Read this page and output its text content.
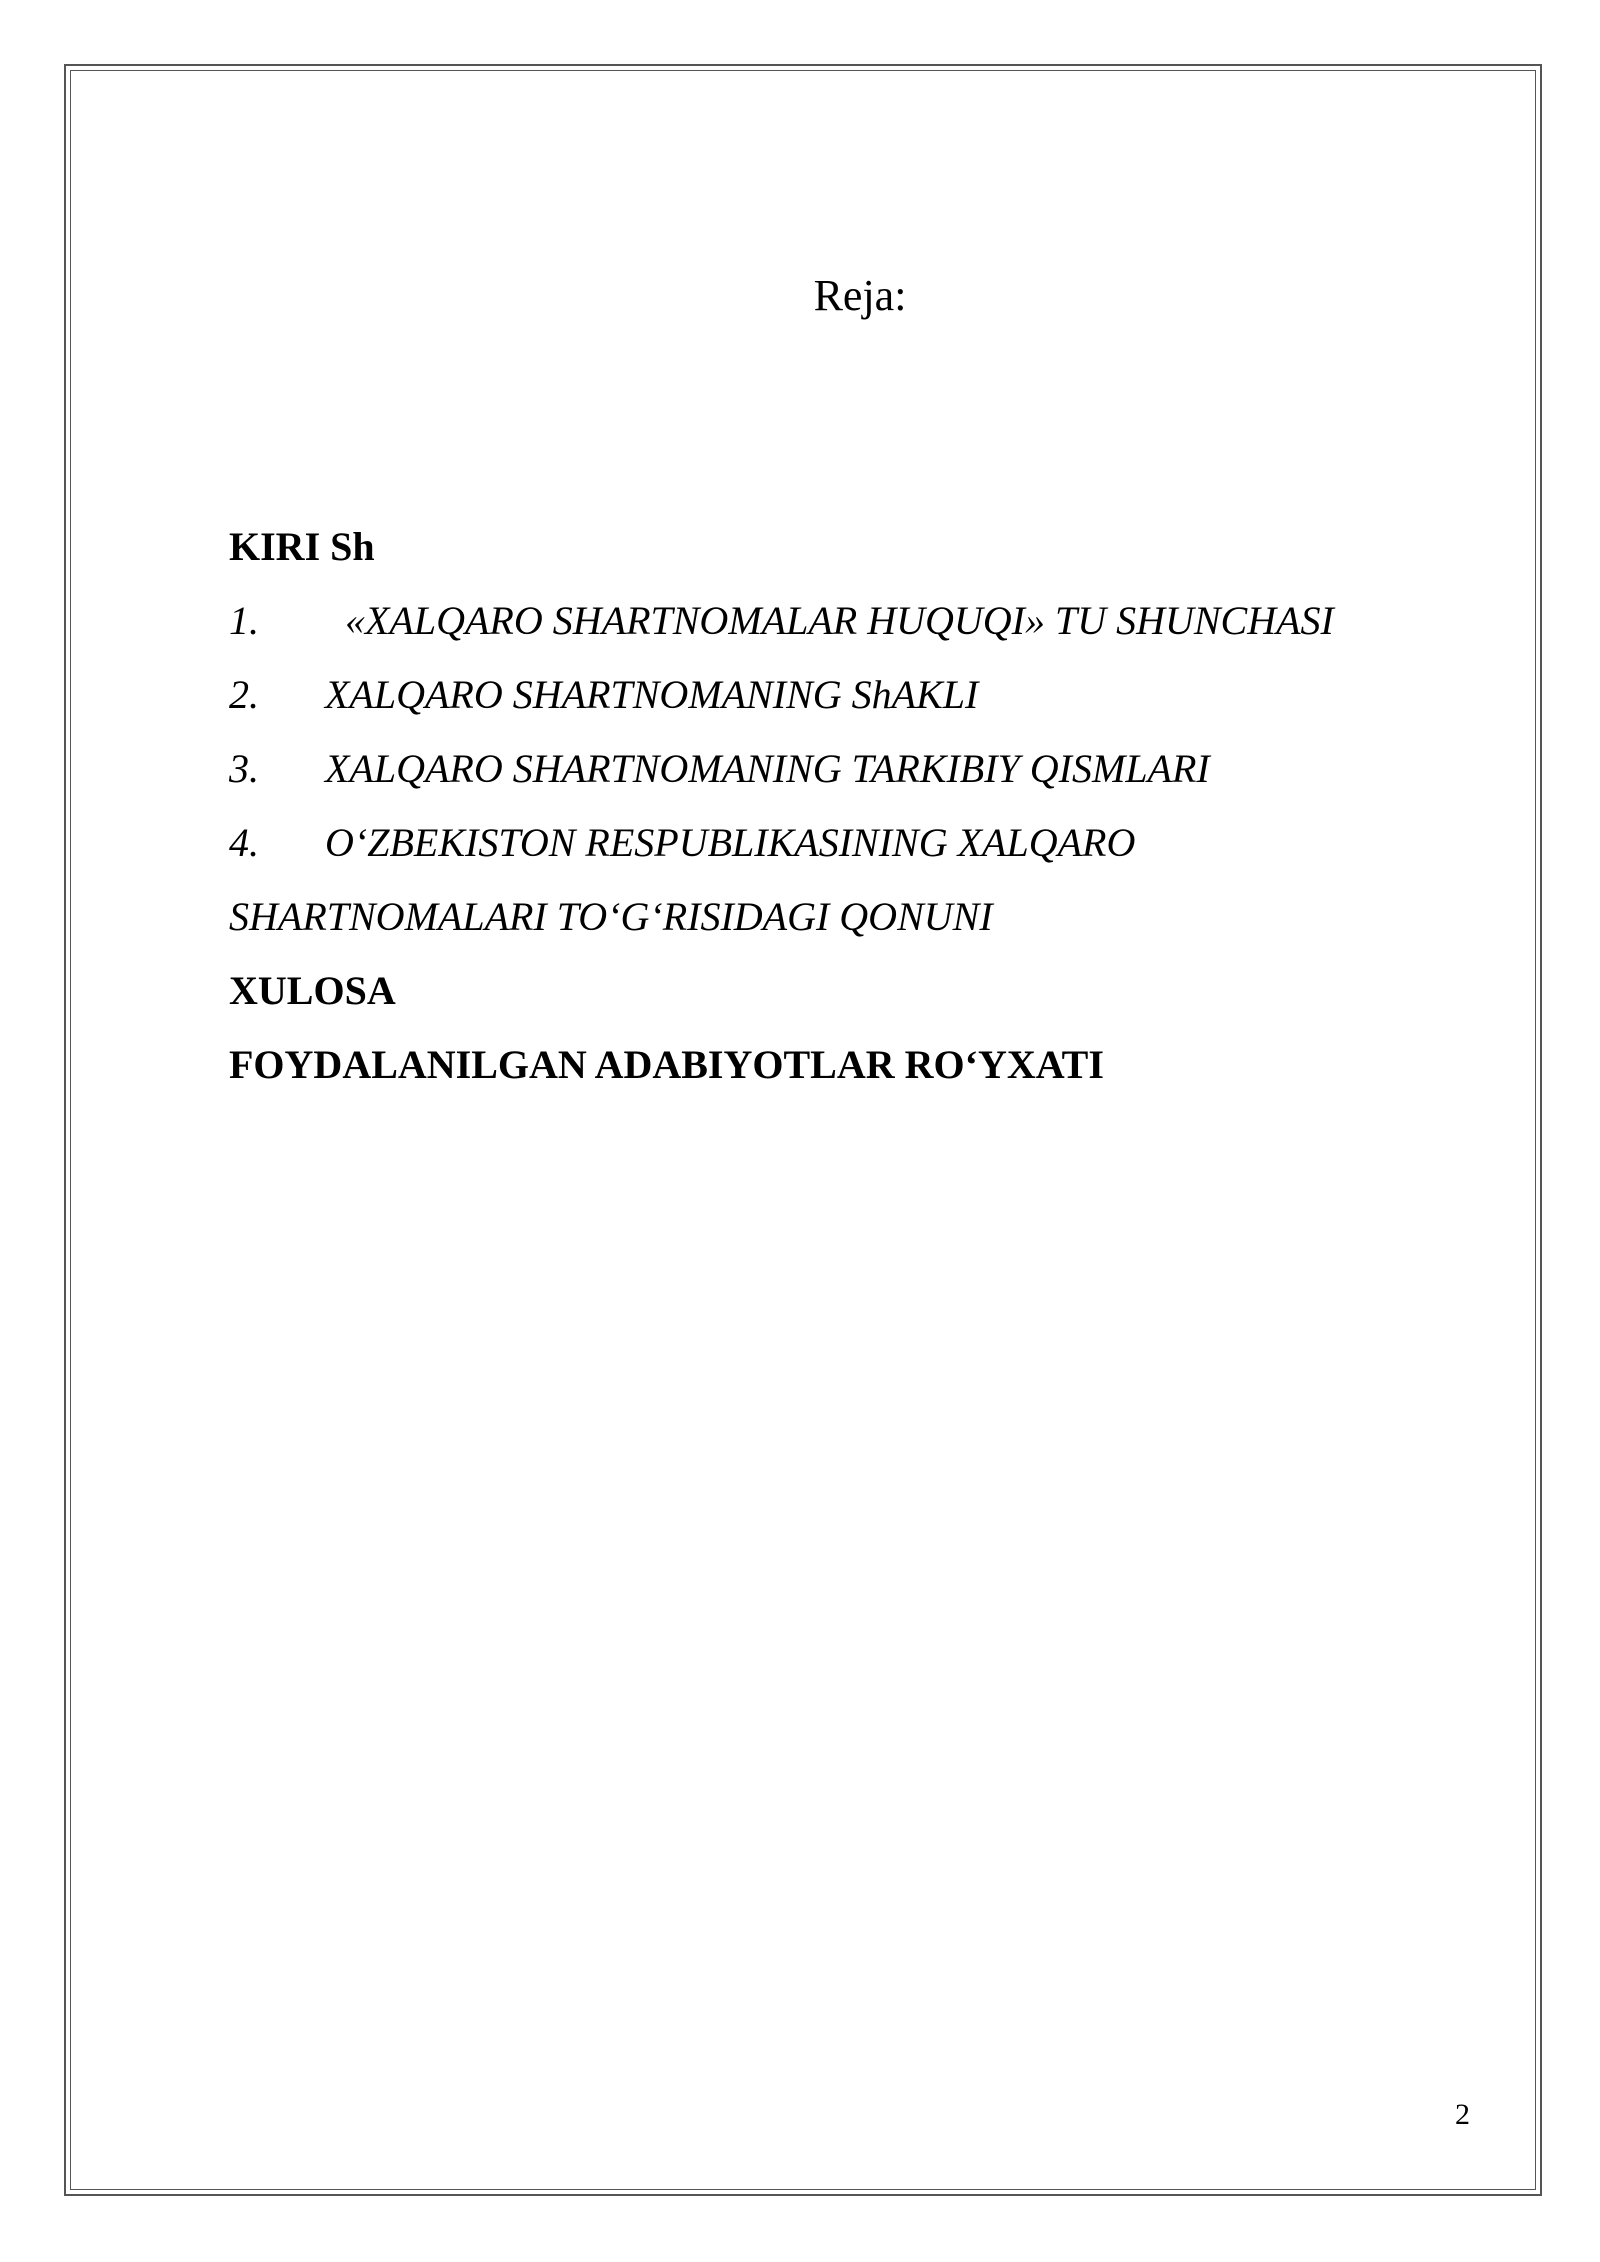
Reja:
KIRI Sh
1. «XALQARO SHARTNOMALAR HUQUQI» TU SHUNCHASI
2. XALQARO SHARTNOMANING ShAKLI
3. XALQARO SHARTNOMANING TARKIBIY QISMLARI
4. O‘ZBEKISTON RESPUBLIKASINING XALQARO
SHARTNOMALARI TO‘G‘RISIDAGI QONUNI
XULOSA
FOYDALANILGAN ADABIYOTLAR RO‘YXATI
2
